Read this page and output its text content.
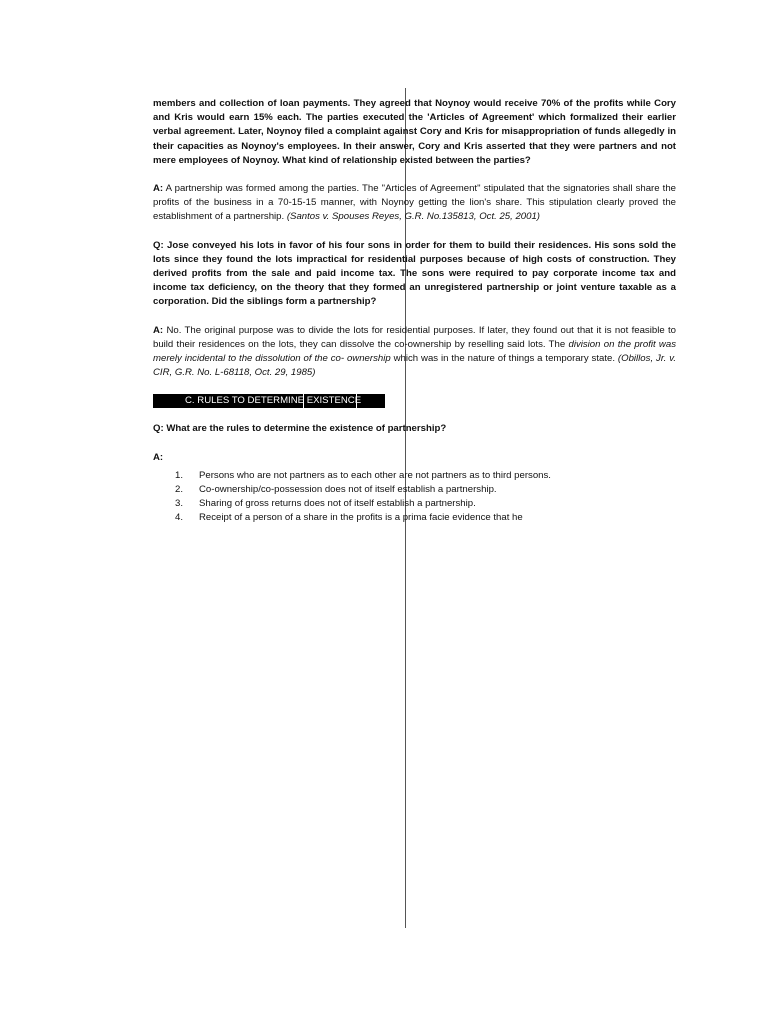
members and collection of loan payments. They agreed that Noynoy would receive 70% of the profits while Cory and Kris would earn 15% each. The parties executed the 'Articles of Agreement' which formalized their earlier verbal agreement. Later, Noynoy filed a complaint against Cory and Kris for misappropriation of funds allegedly in their capacities as Noynoy's employees. In their answer, Cory and Kris asserted that they were partners and not mere employees of Noynoy. What kind of relationship existed between the parties?

A: A partnership was formed among the parties. The "Articles of Agreement" stipulated that the signatories shall share the profits of the business in a 70-15-15 manner, with Noynoy getting the lion's share. This stipulation clearly proved the establishment of a partnership. (Santos v. Spouses Reyes, G.R. No.135813, Oct. 25, 2001)

Q: Jose conveyed his lots in favor of his four sons in order for them to build their residences. His sons sold the lots since they found the lots impractical for residential purposes because of high costs of construction. They derived profits from the sale and paid income tax. The sons were required to pay corporate income tax and income tax deficiency, on the theory that they formed an unregistered partnership or joint venture taxable as a corporation. Did the siblings form a partnership?

A: No. The original purpose was to divide the lots for residential purposes. If later, they found out that it is not feasible to build their residences on the lots, they can dissolve the co-ownership by reselling said lots. The division on the profit was merely incidental to the dissolution of the co- ownership which was in the nature of things a temporary state. (Obillos, Jr. v. CIR, G.R. No. L-68118, Oct. 29, 1985)

C. RULES TO DETERMINE EXISTENCE

Q: What are the rules to determine the existence of partnership?

A:
1. Persons who are not partners as to each other are not partners as to third persons.
2. Co-ownership/co-possession does not of itself establish a partnership.
3. Sharing of gross returns does not of itself establish a partnership.
4. Receipt of a person of a share in the profits is a prima facie evidence that he
